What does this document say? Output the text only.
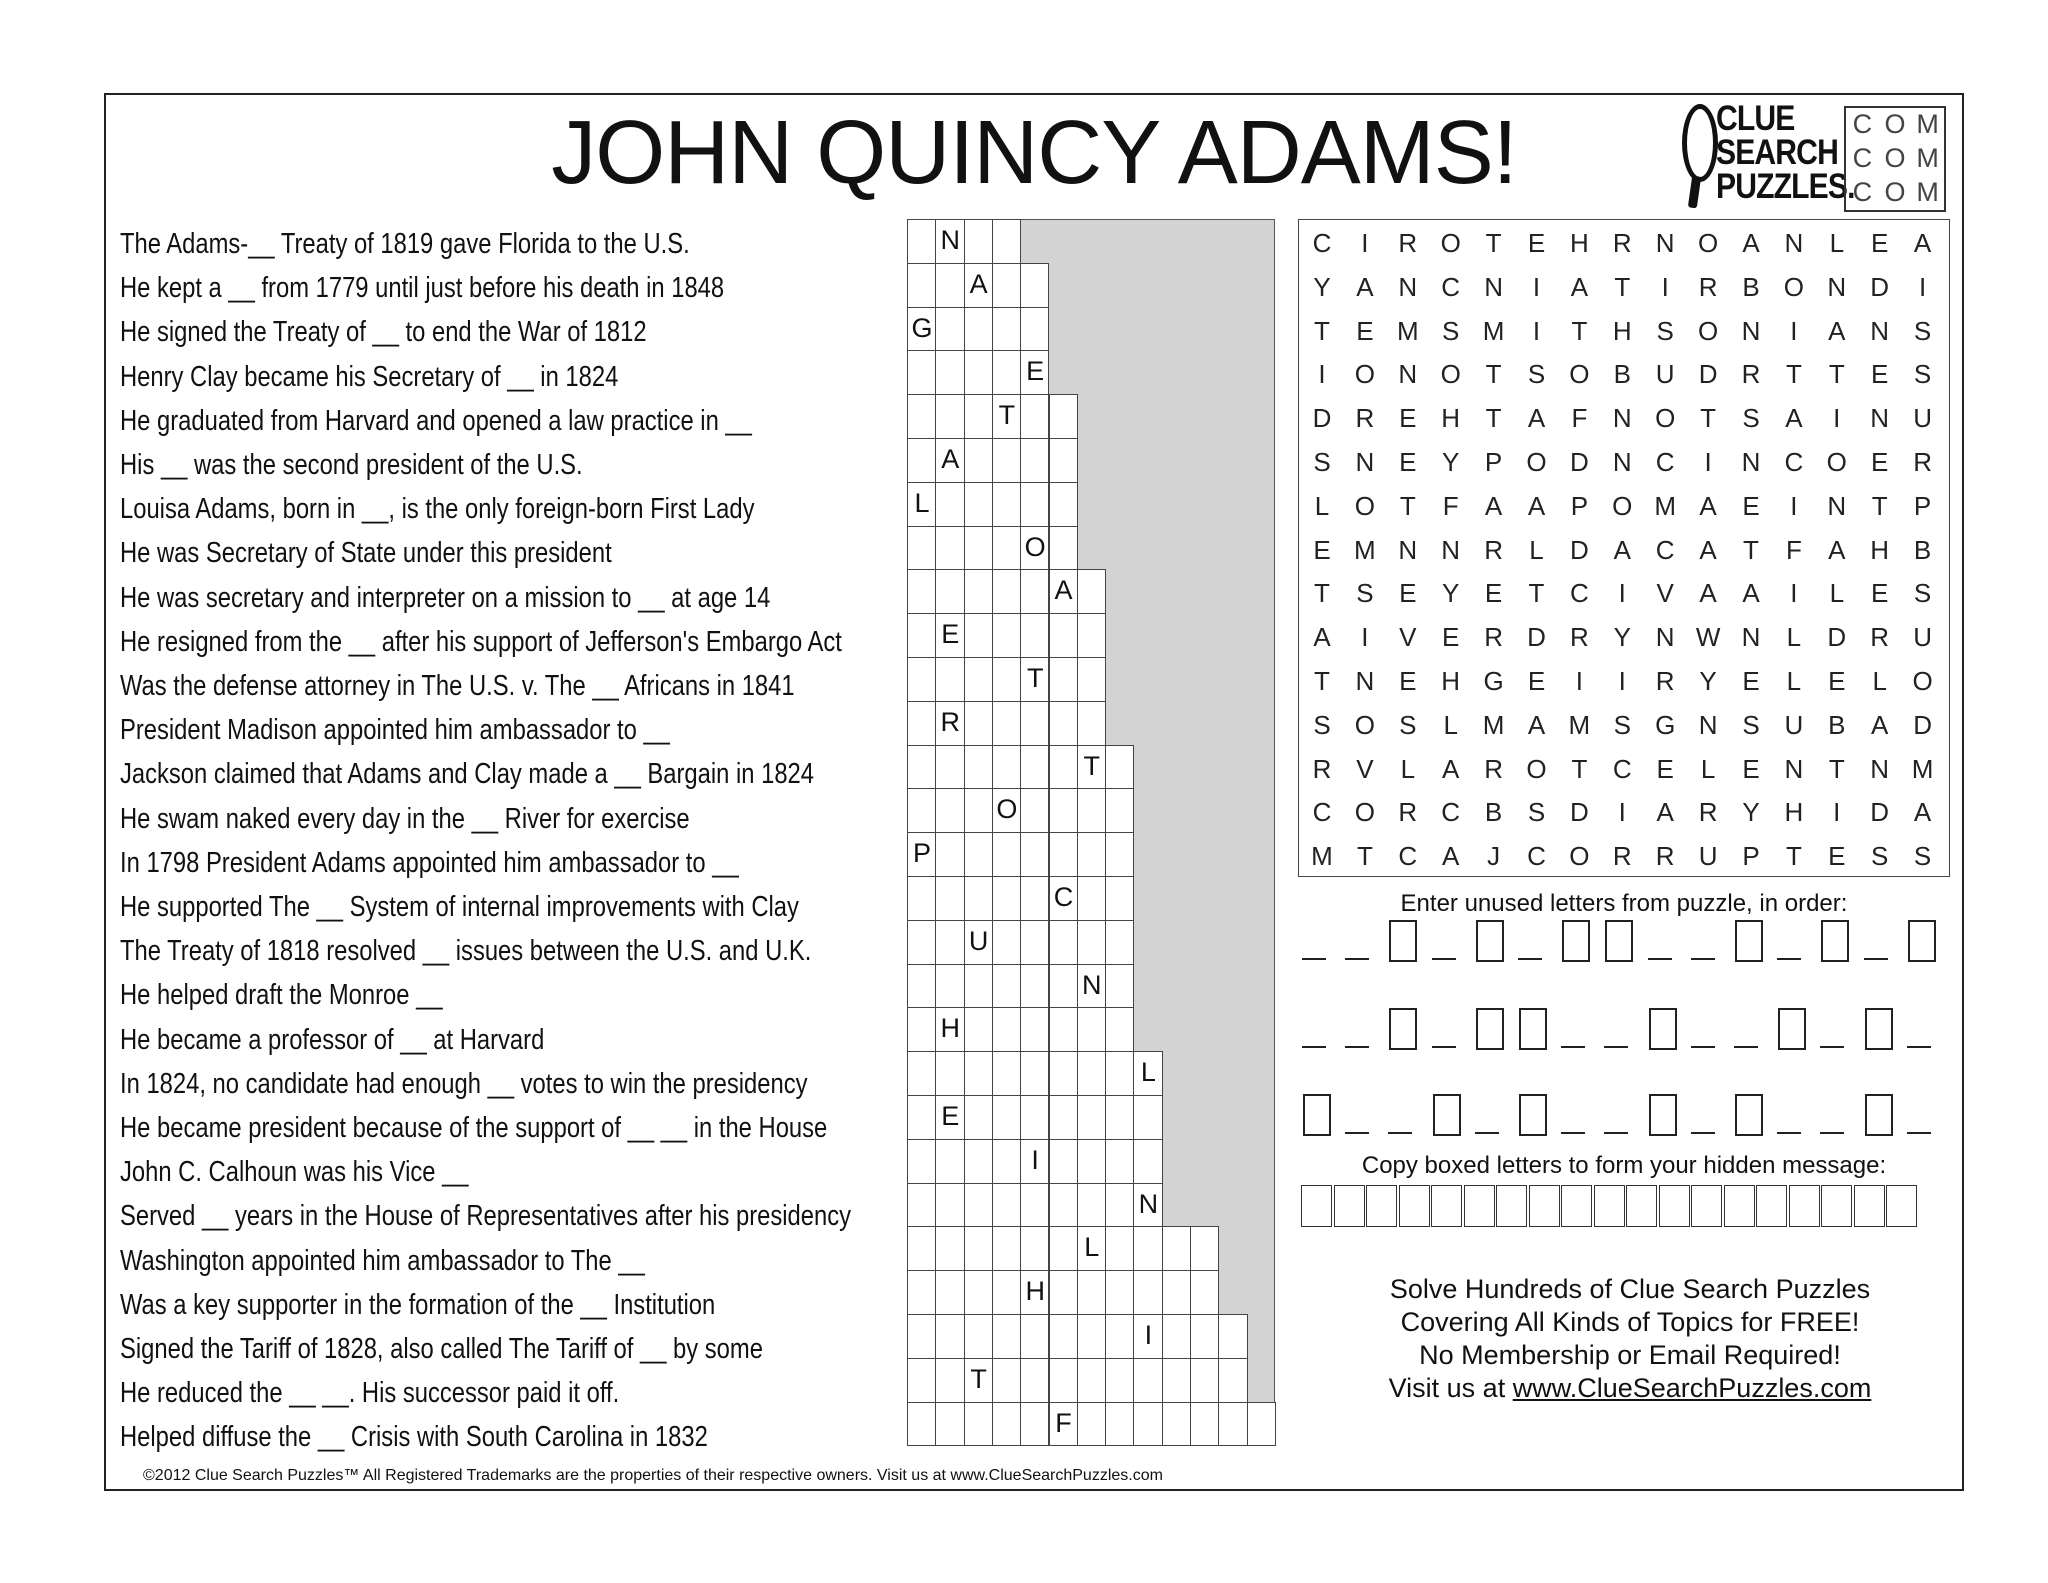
JOHN QUINCY ADAMS!	CLUE
SEARCH
PUZZLES.
C O M
C O M
C O M
The Adams-__ Treaty of 1819 gave Florida to the U.S.
He kept a __ from 1779 until just before his death in 1848
He signed the Treaty of __ to end the War of 1812
Henry Clay became his Secretary of __ in 1824
He graduated from Harvard and opened a law practice in __
His __ was the second president of the U.S.
Louisa Adams, born in __, is the only foreign-born First Lady
He was Secretary of State under this president
He was secretary and interpreter on a mission to __ at age 14
He resigned from the __ after his support of Jefferson's Embargo Act
Was the defense attorney in The U.S. v. The __ Africans in 1841
President Madison appointed him ambassador to __
Jackson claimed that Adams and Clay made a __ Bargain in 1824
He swam naked every day in the __ River for exercise
In 1798 President Adams appointed him ambassador to __
He supported The __ System of internal improvements with Clay
The Treaty of 1818 resolved __ issues between the U.S. and U.K.
He helped draft the Monroe __
He became a professor of __ at Harvard
In 1824, no candidate had enough __ votes to win the presidency
He became president because of the support of __ __ in the House
John C. Calhoun was his Vice __
Served __ years in the House of Representatives after his presidency
Washington appointed him ambassador to The __
Was a key supporter in the formation of the __ Institution
Signed the Tariff of 1828, also called The Tariff of __ by some
He reduced the __ __. His successor paid it off.
Helped diffuse the __ Crisis with South Carolina in 1832
N
A
G
E
T
A
L
O
A
E
T
R
T
O
P
C
U
N
H
L
E
I
N
L
H
I
T
F
C	I	R O T E H R N O A N L E A
Y A N C N	I	A T	I	R B O N D	I
T E M S M	I	T H S O N	I	A N S
I	O N O T S O B U D R T T E S
D R E H T A F N O T S A	I	N U
S N E Y P O D N C	I	N C O E R
L O T F A A P O M A E	I	N T P
E M N N R L D A C A T F A H B
T S E Y E T C	I	V A A	I	L E S
A	I	V E R D R Y N W N L D R U
T N E H G E	I	I	R Y E L E L O
S O S L M A M S G N S U B A D
R V L A R O T C E L E N T N M
C O R C B S D	I	A R Y H	I	D A
M T C A	J	C O R R U P T E S S
Enter unused letters from puzzle, in order:
Copy boxed letters to form your hidden message:
Solve Hundreds of Clue Search Puzzles
Covering All Kinds of Topics for FREE!
No Membership or Email Required!
Visit us at www.ClueSearchPuzzles.com
©2012 Clue Search Puzzles™ All Registered Trademarks are the properties of their respective owners. Visit us at www.ClueSearchPuzzles.com
